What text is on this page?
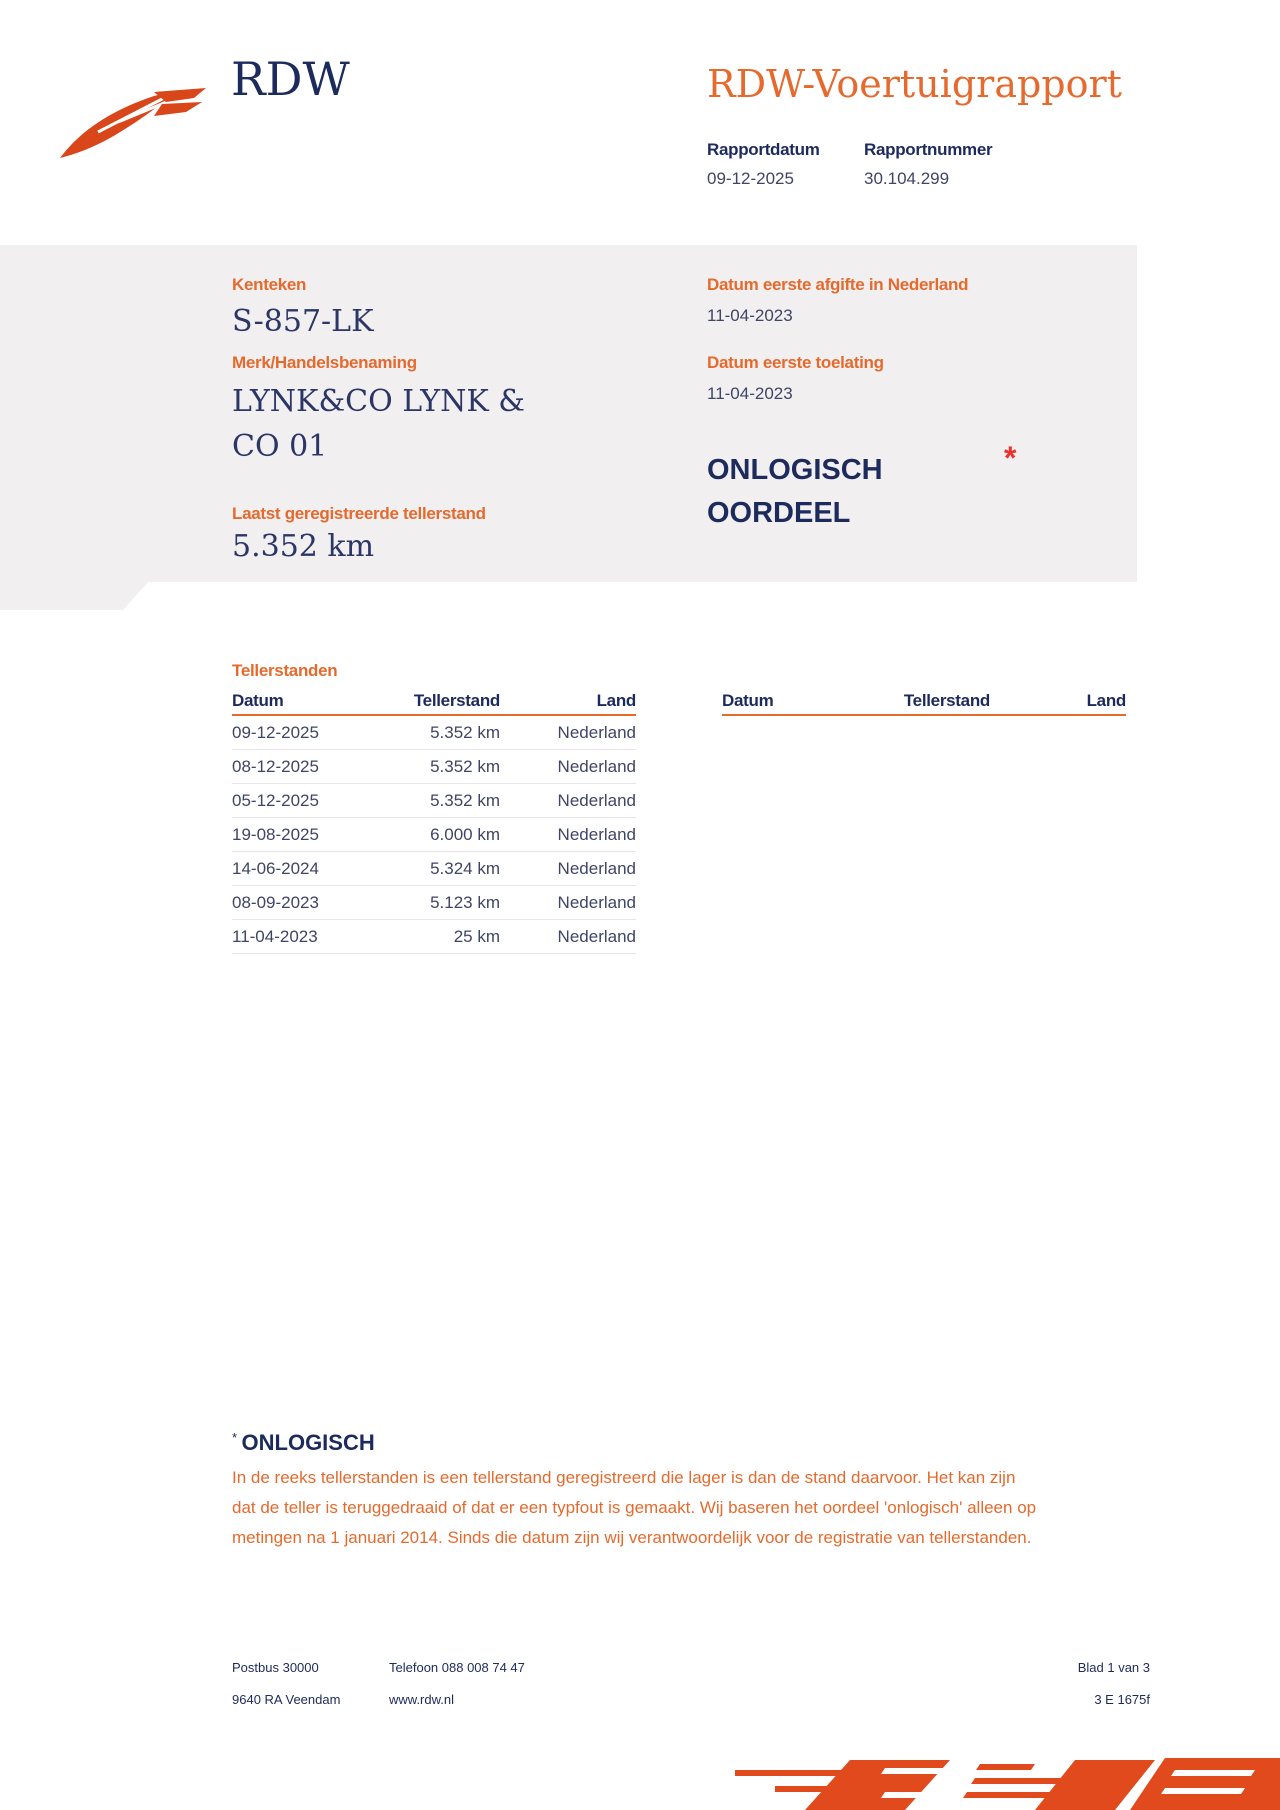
RDW	RDW-Voertuigrapport
Rapportdatum
09-12-2025
Rapportnummer
30.104.299
Kenteken
S-857-LK
Merk/Handelsbenaming
LYNK&CO LYNK &
CO 01
Laatst geregistreerde tellerstand
5.352 km
Datum eerste afgifte in Nederland
11-04-2023
Datum eerste toelating
11-04-2023
ONLOGISCH
OORDEEL
*
Tellerstanden
Datum	Tellerstand	Land
09-12-2025	5.352 km	Nederland
08-12-2025	5.352 km	Nederland
05-12-2025	5.352 km	Nederland
19-08-2025	6.000 km	Nederland
14-06-2024	5.324 km	Nederland
08-09-2023	5.123 km	Nederland
11-04-2023	25 km	Nederland
Datum	Tellerstand	Land
* ONLOGISCH
In de reeks tellerstanden is een tellerstand geregistreerd die lager is dan de stand daarvoor. Het kan zijn
dat de teller is teruggedraaid of dat er een typfout is gemaakt. Wij baseren het oordeel 'onlogisch' alleen op
metingen na 1 januari 2014. Sinds die datum zijn wij verantwoordelijk voor de registratie van tellerstanden.
Postbus 30000
9640 RA Veendam
Telefoon 088 008 74 47
www.rdw.nl
Blad 1 van 3
3 E 1675f
